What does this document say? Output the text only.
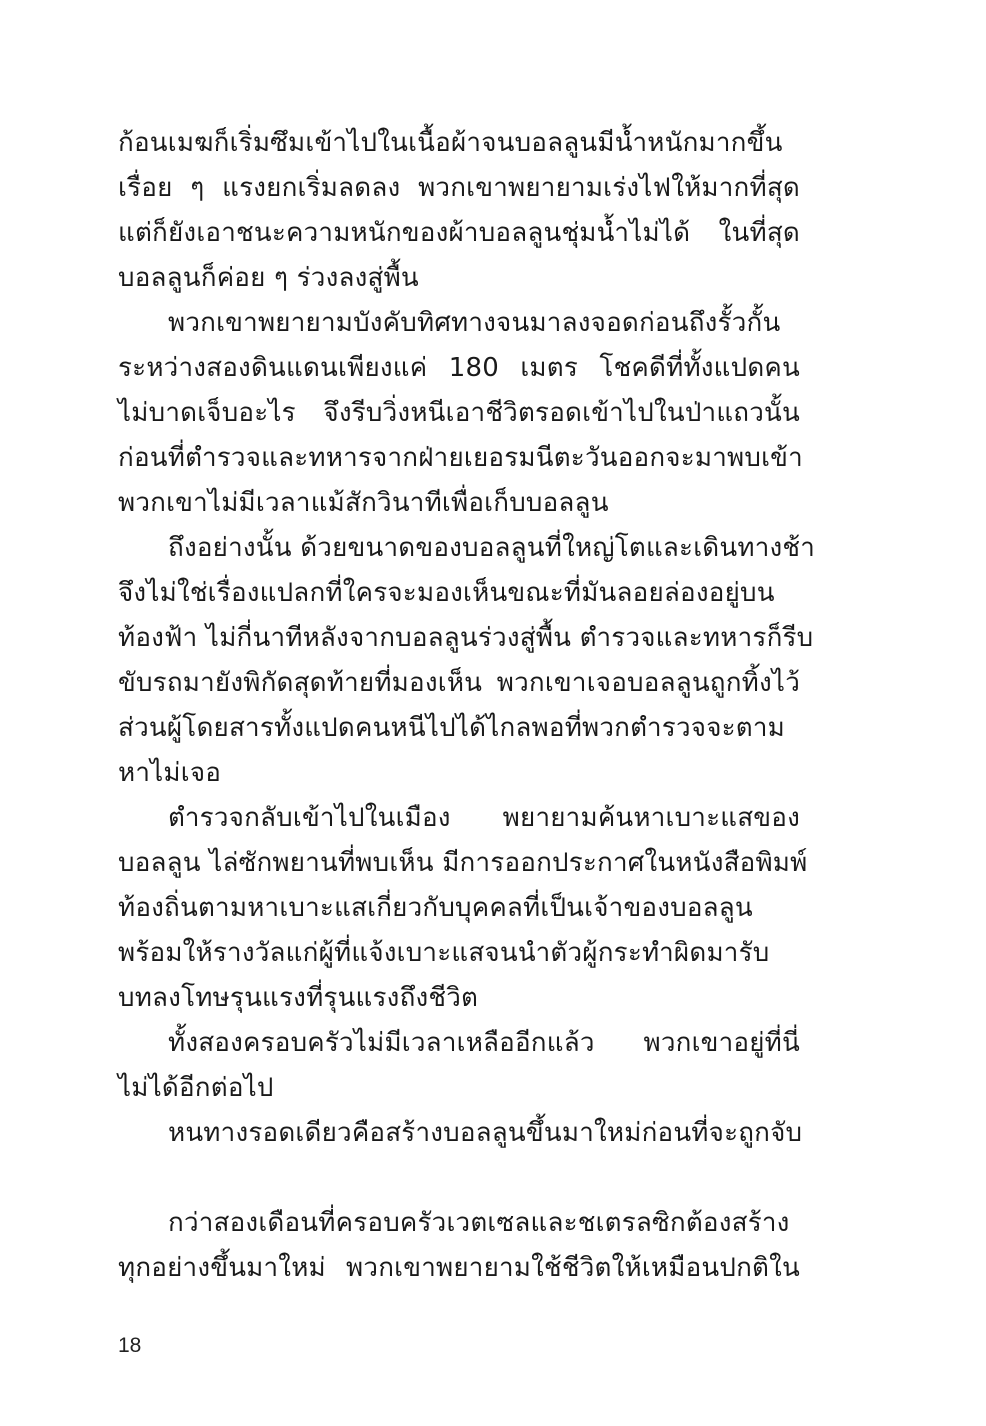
ก้อนเมฆก็เริ่มซึมเข้าไปในเนื้อผ้าจนบอลลูนมีน้ำหนักมากขึ้น
เรื่อย ๆ แรงยกเริ่มลดลง พวกเขาพยายามเร่งไฟให้มากที่สุด
แต่ก็ยังเอาชนะความหนักของผ้าบอลลูนชุ่มน้ำไม่ได้ ในที่สุด
บอลลูนก็ค่อย ๆ ร่วงลงสู่พื้น
พวกเขาพยายามบังคับทิศทางจนมาลงจอดก่อนถึงรั้วกั้น
ระหว่างสองดินแดนเพียงแค่ 180 เมตร โชคดีที่ทั้งแปดคน
ไม่บาดเจ็บอะไร จึงรีบวิ่งหนีเอาชีวิตรอดเข้าไปในป่าแถวนั้น
ก่อนที่ตำรวจและทหารจากฝ่ายเยอรมนีตะวันออกจะมาพบเข้า
พวกเขาไม่มีเวลาแม้สักวินาทีเพื่อเก็บบอลลูน
ถึงอย่างนั้น ด้วยขนาดของบอลลูนที่ใหญ่โตและเดินทางช้า
จึงไม่ใช่เรื่องแปลกที่ใครจะมองเห็นขณะที่มันลอยล่องอยู่บน
ท้องฟ้า ไม่กี่นาทีหลังจากบอลลูนร่วงสู่พื้น ตำรวจและทหารก็รีบ
ขับรถมายังพิกัดสุดท้ายที่มองเห็น พวกเขาเจอบอลลูนถูกทิ้งไว้
ส่วนผู้โดยสารทั้งแปดคนหนีไปได้ไกลพอที่พวกตำรวจจะตาม
หาไม่เจอ
ตำรวจกลับเข้าไปในเมือง พยายามค้นหาเบาะแสของ
บอลลูน ไล่ซักพยานที่พบเห็น มีการออกประกาศในหนังสือพิมพ์
ท้องถิ่นตามหาเบาะแสเกี่ยวกับบุคคลที่เป็นเจ้าของบอลลูน
พร้อมให้รางวัลแก่ผู้ที่แจ้งเบาะแสจนนำตัวผู้กระทำผิดมารับ
บทลงโทษรุนแรงที่รุนแรงถึงชีวิต
ทั้งสองครอบครัวไม่มีเวลาเหลืออีกแล้ว พวกเขาอยู่ที่นี่
ไม่ได้อีกต่อไป
หนทางรอดเดียวคือสร้างบอลลูนขึ้นมาใหม่ก่อนที่จะถูกจับ
กว่าสองเดือนที่ครอบครัวเวตเซลและชเตรลซิกต้องสร้าง
ทุกอย่างขึ้นมาใหม่ พวกเขาพยายามใช้ชีวิตให้เหมือนปกติใน
18
